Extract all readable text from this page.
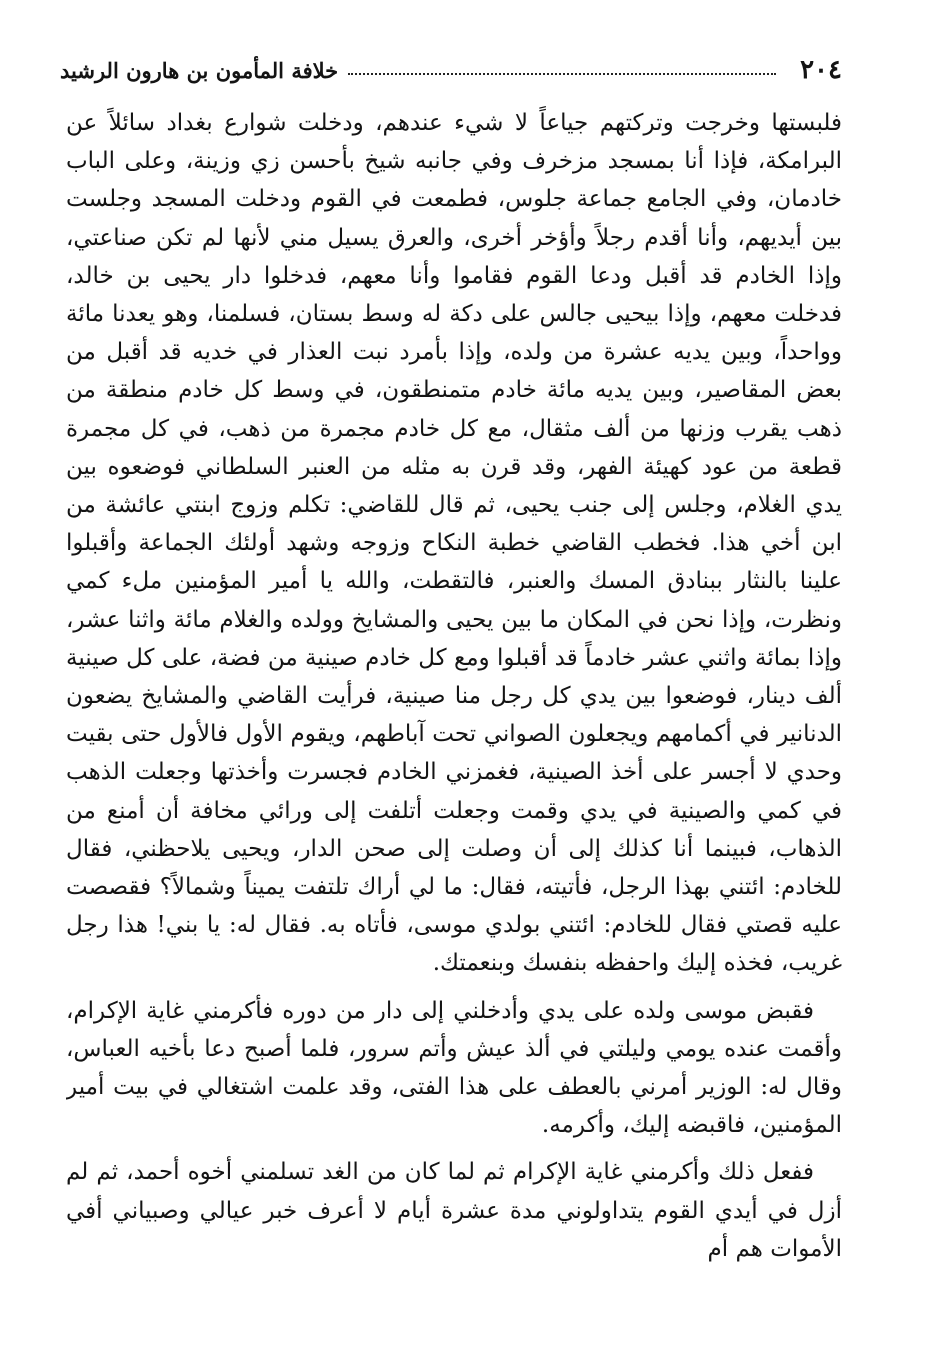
٢٠٤
خلافة المأمون بن هارون الرشيد

فلبستها وخرجت وتركتهم جياعاً لا شيء عندهم، ودخلت شوارع بغداد سائلاً عن البرامكة، فإذا أنا بمسجد مزخرف وفي جانبه شيخ بأحسن زي وزينة، وعلى الباب خادمان، وفي الجامع جماعة جلوس، فطمعت في القوم ودخلت المسجد وجلست بين أيديهم، وأنا أقدم رجلاً وأؤخر أخرى، والعرق يسيل مني لأنها لم تكن صناعتي، وإذا الخادم قد أقبل ودعا القوم فقاموا وأنا معهم، فدخلوا دار يحيى بن خالد، فدخلت معهم، وإذا بيحيى جالس على دكة له وسط بستان، فسلمنا، وهو يعدنا مائة وواحداً، وبين يديه عشرة من ولده، وإذا بأمرد نبت العذار في خديه قد أقبل من بعض المقاصير، وبين يديه مائة خادم متمنطقون، في وسط كل خادم منطقة من ذهب يقرب وزنها من ألف مثقال، مع كل خادم مجمرة من ذهب، في كل مجمرة قطعة من عود كهيئة الفهر، وقد قرن به مثله من العنبر السلطاني فوضعوه بين يدي الغلام، وجلس إلى جنب يحيى، ثم قال للقاضي: تكلم وزوج ابنتي عائشة من ابن أخي هذا. فخطب القاضي خطبة النكاح وزوجه وشهد أولئك الجماعة وأقبلوا علينا بالنثار ببنادق المسك والعنبر، فالتقطت، والله يا أمير المؤمنين ملء كمي ونظرت، وإذا نحن في المكان ما بين يحيى والمشايخ وولده والغلام مائة واثنا عشر، وإذا بمائة واثني عشر خادماً قد أقبلوا ومع كل خادم صينية من فضة، على كل صينية ألف دينار، فوضعوا بين يدي كل رجل منا صينية، فرأيت القاضي والمشايخ يضعون الدنانير في أكمامهم ويجعلون الصواني تحت آباطهم، ويقوم الأول فالأول حتى بقيت وحدي لا أجسر على أخذ الصينية، فغمزني الخادم فجسرت وأخذتها وجعلت الذهب في كمي والصينية في يدي وقمت وجعلت أتلفت إلى ورائي مخافة أن أمنع من الذهاب، فبينما أنا كذلك إلى أن وصلت إلى صحن الدار، ويحيى يلاحظني، فقال للخادم: ائتني بهذا الرجل، فأتيته، فقال: ما لي أراك تلتفت يميناً وشمالاً؟ فقصصت عليه قصتي فقال للخادم: ائتني بولدي موسى، فأتاه به. فقال له: يا بني! هذا رجل غريب، فخذه إليك واحفظه بنفسك وبنعمتك.

فقبض موسى ولده على يدي وأدخلني إلى دار من دوره فأكرمني غاية الإكرام، وأقمت عنده يومي وليلتي في ألذ عيش وأتم سرور، فلما أصبح دعا بأخيه العباس، وقال له: الوزير أمرني بالعطف على هذا الفتى، وقد علمت اشتغالي في بيت أمير المؤمنين، فاقبضه إليك، وأكرمه.

ففعل ذلك وأكرمني غاية الإكرام ثم لما كان من الغد تسلمني أخوه أحمد، ثم لم أزل في أيدي القوم يتداولوني مدة عشرة أيام لا أعرف خبر عيالي وصبياني أفي الأموات هم أم
